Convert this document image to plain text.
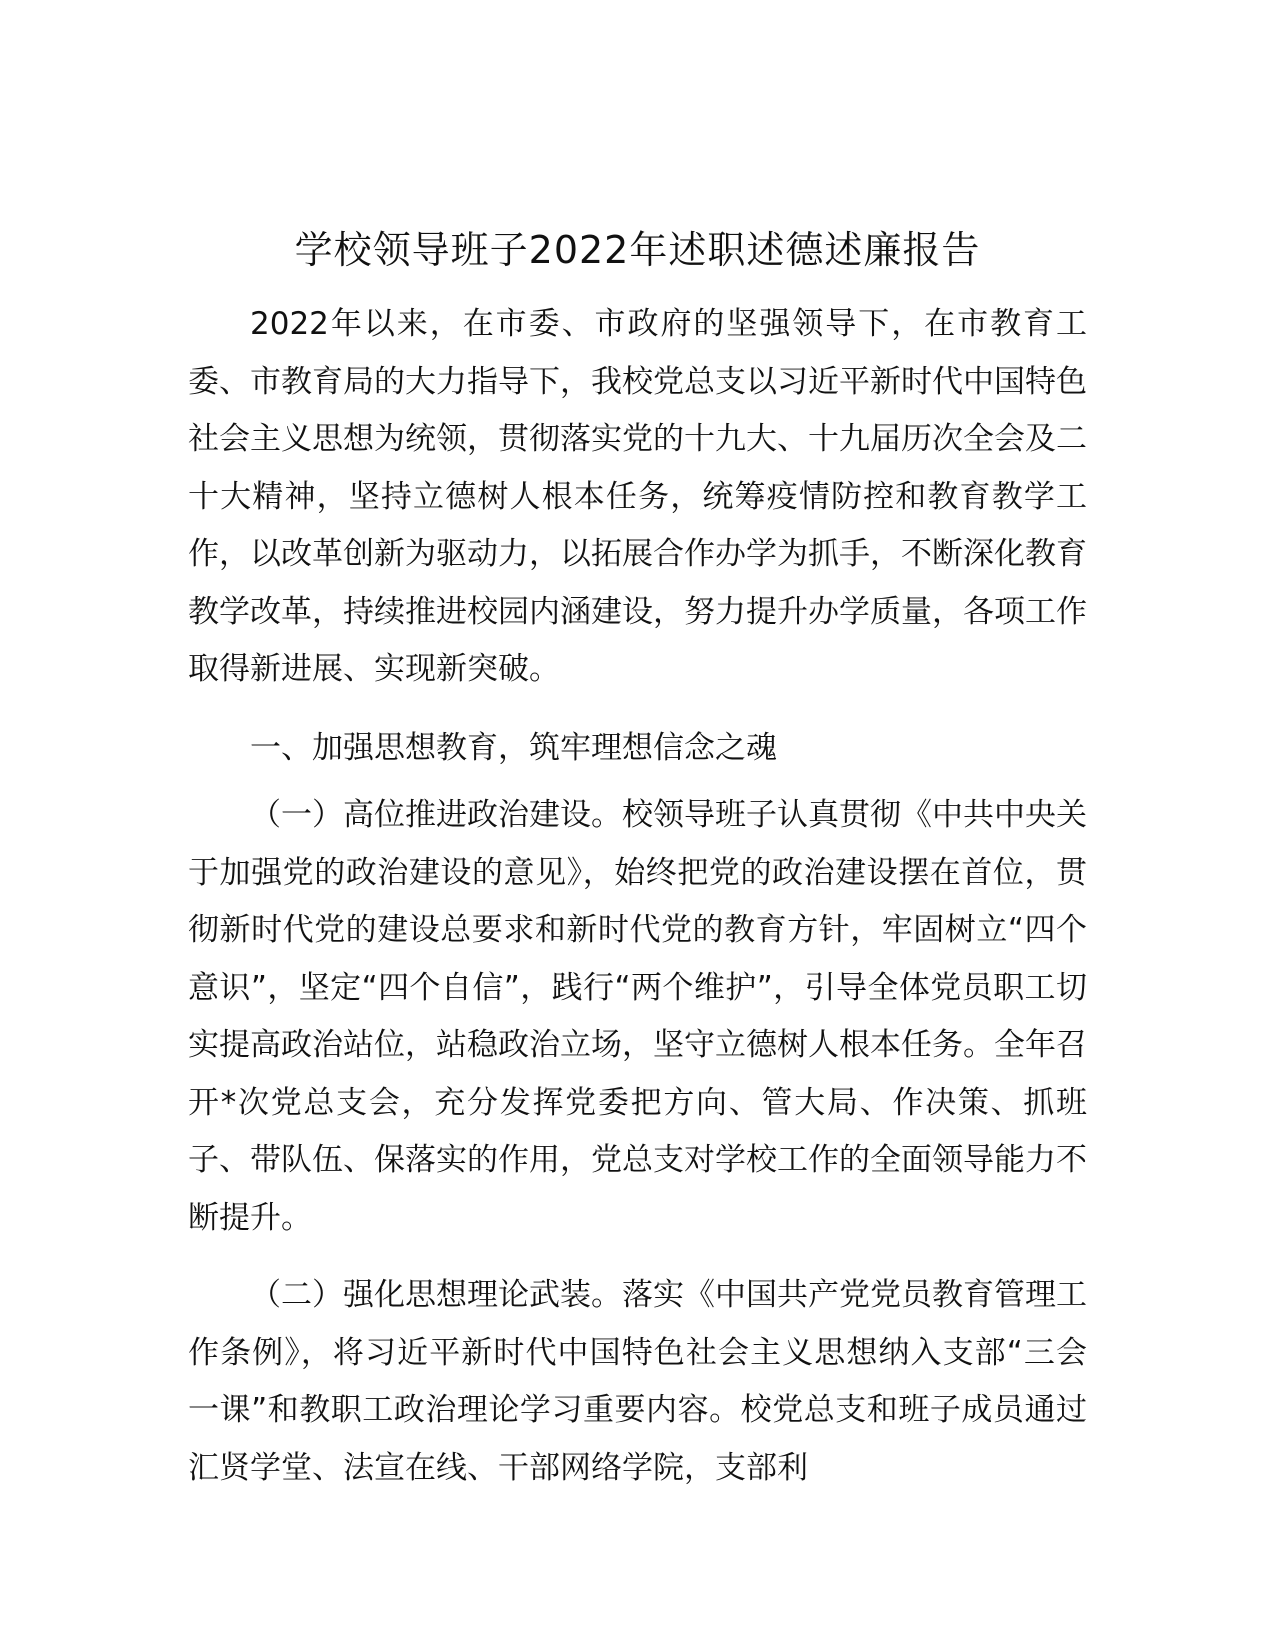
学校领导班子2022年述职述德述廉报告

2022年以来，在市委、市政府的坚强领导下，在市教育工委、市教育局的大力指导下，我校党总支以习近平新时代中国特色社会主义思想为统领，贯彻落实党的十九大、十九届历次全会及二十大精神，坚持立德树人根本任务，统筹疫情防控和教育教学工作，以改革创新为驱动力，以拓展合作办学为抓手，不断深化教育教学改革，持续推进校园内涵建设，努力提升办学质量，各项工作取得新进展、实现新突破。

一、加强思想教育，筑牢理想信念之魂

（一）高位推进政治建设。校领导班子认真贯彻《中共中央关于加强党的政治建设的意见》，始终把党的政治建设摆在首位，贯彻新时代党的建设总要求和新时代党的教育方针，牢固树立“四个意识”，坚定“四个自信”，践行“两个维护”，引导全体党员职工切实提高政治站位，站稳政治立场，坚守立德树人根本任务。全年召开*次党总支会，充分发挥党委把方向、管大局、作决策、抓班子、带队伍、保落实的作用，党总支对学校工作的全面领导能力不断提升。

（二）强化思想理论武装。落实《中国共产党党员教育管理工作条例》，将习近平新时代中国特色社会主义思想纳入支部“三会一课”和教职工政治理论学习重要内容。校党总支和班子成员通过汇贤学堂、法宣在线、干部网络学院，支部利
